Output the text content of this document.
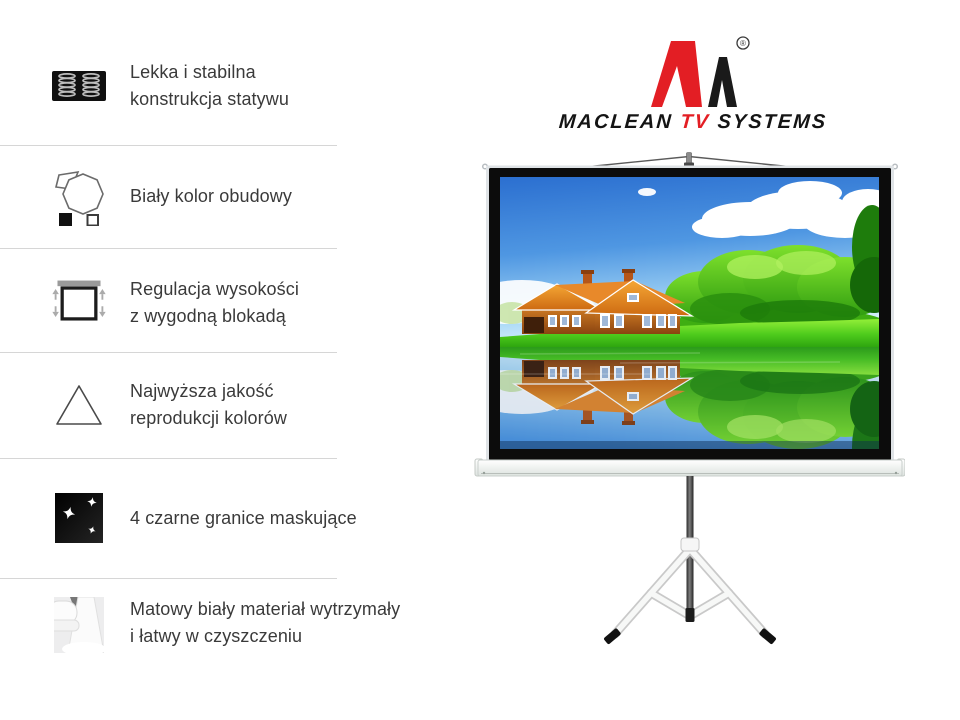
Lekka i stabilna
konstrukcja statywu
Biały kolor obudowy
Regulacja wysokości
z wygodną blokadą
Najwyższa jakość
reprodukcji kolorów
4 czarne granice maskujące
Matowy biały materiał wytrzymały
i łatwy w czyszczeniu
®
MACLEAN TV SYSTEMS
